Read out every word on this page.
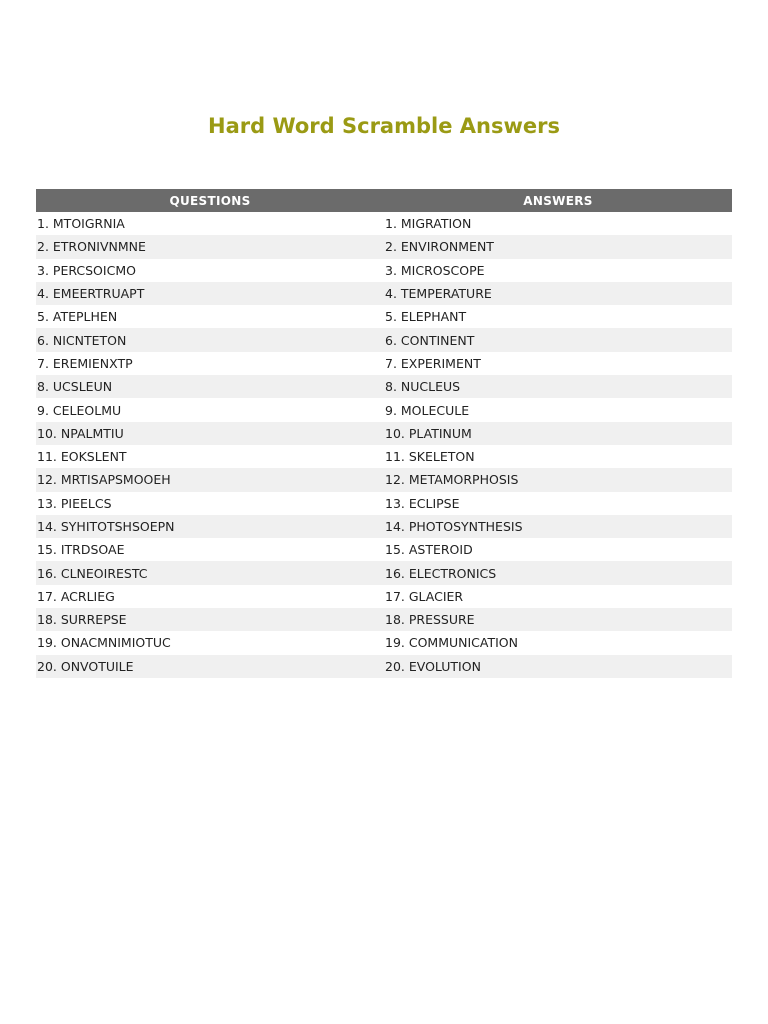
Hard Word Scramble Answers
QUESTIONS	ANSWERS
1. MTOIGRNIA	1. MIGRATION
2. ETRONIVNMNE	2. ENVIRONMENT
3. PERCSOICMO	3. MICROSCOPE
4. EMEERTRUAPT	4. TEMPERATURE
5. ATEPLHEN	5. ELEPHANT
6. NICNTETON	6. CONTINENT
7. EREMIENXTP	7. EXPERIMENT
8. UCSLEUN	8. NUCLEUS
9. CELEOLMU	9. MOLECULE
10. NPALMTIU	10. PLATINUM
11. EOKSLENT	11. SKELETON
12. MRTISAPSMOOEH	12. METAMORPHOSIS
13. PIEELCS	13. ECLIPSE
14. SYHITOTSHSOEPN	14. PHOTOSYNTHESIS
15. ITRDSOAE	15. ASTEROID
16. CLNEOIRESTC	16. ELECTRONICS
17. ACRLIEG	17. GLACIER
18. SURREPSE	18. PRESSURE
19. ONACMNIMIOTUC	19. COMMUNICATION
20. ONVOTUILE	20. EVOLUTION
